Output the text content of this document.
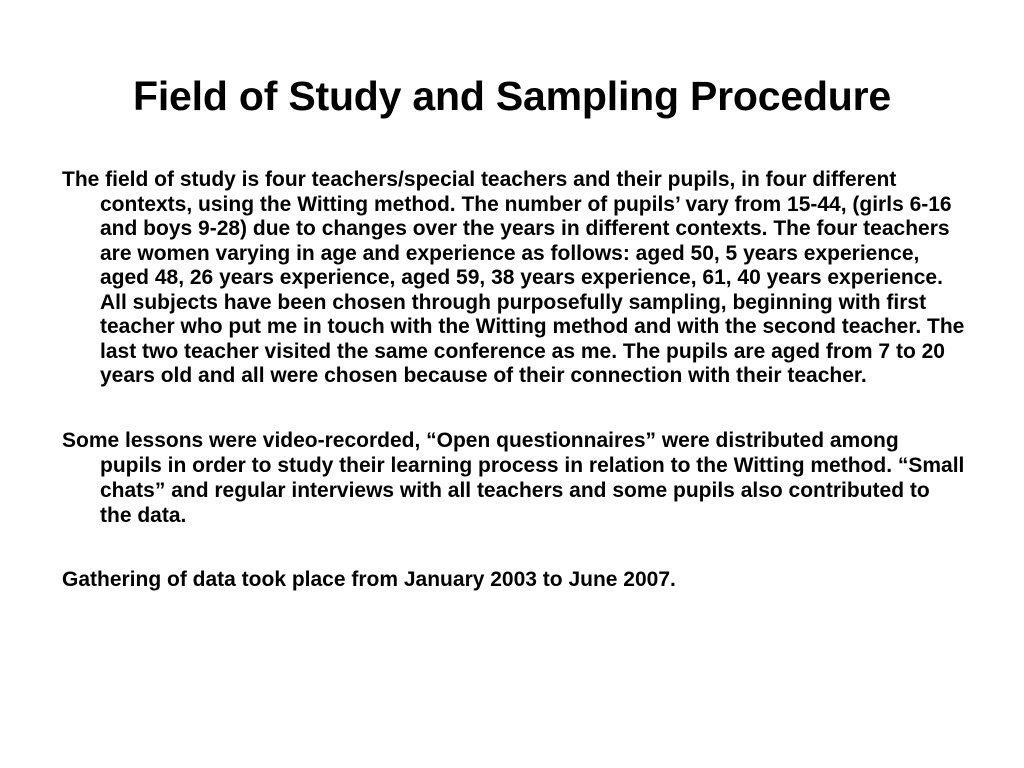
Field of Study and Sampling Procedure

The field of study is four teachers/special teachers and their pupils, in four different contexts, using the Witting method. The number of pupils’ vary from 15-44, (girls 6-16 and boys 9-28) due to changes over the years in different contexts. The four teachers are women varying in age and experience as follows: aged 50, 5 years experience, aged 48, 26 years experience, aged 59, 38 years experience, 61, 40 years experience. All subjects have been chosen through purposefully sampling, beginning with first teacher who put me in touch with the Witting method and with the second teacher. The last two teacher visited the same conference as me. The pupils are aged from 7 to 20 years old and all were chosen because of their connection with their teacher.

Some lessons were video-recorded, “Open questionnaires” were distributed among pupils in order to study their learning process in relation to the Witting method. “Small chats” and regular interviews with all teachers and some pupils also contributed to the data.

Gathering of data took place from January 2003 to June 2007.
